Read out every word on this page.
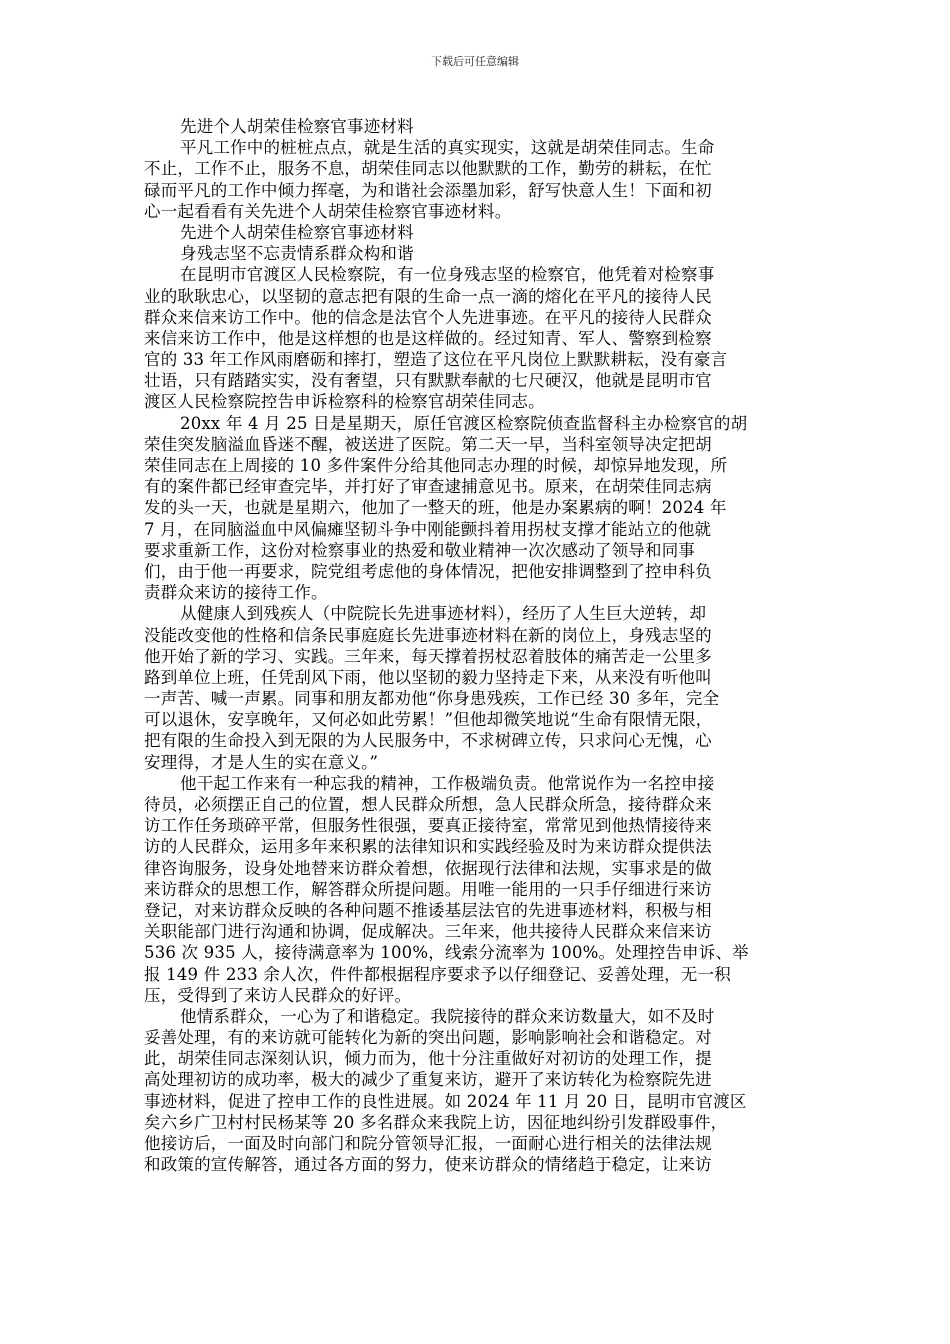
下载后可任意编辑
先进个人胡荣佳检察官事迹材料
平凡工作中的桩桩点点，就是生活的真实现实，这就是胡荣佳同志。生命
不止，工作不止，服务不息，胡荣佳同志以他默默的工作，勤劳的耕耘，在忙
碌而平凡的工作中倾力挥毫，为和谐社会添墨加彩，舒写快意人生！下面和初
心一起看看有关先进个人胡荣佳检察官事迹材料。
先进个人胡荣佳检察官事迹材料
身残志坚不忘责情系群众构和谐
在昆明市官渡区人民检察院，有一位身残志坚的检察官，他凭着对检察事
业的耿耿忠心，以坚韧的意志把有限的生命一点一滴的熔化在平凡的接待人民
群众来信来访工作中。他的信念是法官个人先进事迹。在平凡的接待人民群众
来信来访工作中，他是这样想的也是这样做的。经过知青、军人、警察到检察
官的 33 年工作风雨磨砺和摔打，塑造了这位在平凡岗位上默默耕耘，没有豪言
壮语，只有踏踏实实，没有奢望，只有默默奉献的七尺硬汉，他就是昆明市官
渡区人民检察院控告申诉检察科的检察官胡荣佳同志。
20xx 年 4 月 25 日是星期天，原任官渡区检察院侦查监督科主办检察官的胡
荣佳突发脑溢血昏迷不醒，被送进了医院。第二天一早，当科室领导决定把胡
荣佳同志在上周接的 10 多件案件分给其他同志办理的时候，却惊异地发现，所
有的案件都已经审查完毕，并打好了审查逮捕意见书。原来，在胡荣佳同志病
发的头一天，也就是星期六，他加了一整天的班，他是办案累病的啊！2024 年
7 月，在同脑溢血中风偏瘫坚韧斗争中刚能颤抖着用拐杖支撑才能站立的他就
要求重新工作，这份对检察事业的热爱和敬业精神一次次感动了领导和同事
们，由于他一再要求，院党组考虑他的身体情况，把他安排调整到了控申科负
责群众来访的接待工作。
从健康人到残疾人（中院院长先进事迹材料），经历了人生巨大逆转，却
没能改变他的性格和信条民事庭庭长先进事迹材料在新的岗位上，身残志坚的
他开始了新的学习、实践。三年来，每天撑着拐杖忍着肢体的痛苦走一公里多
路到单位上班，任凭刮风下雨，他以坚韧的毅力坚持走下来，从来没有听他叫
一声苦、喊一声累。同事和朋友都劝他“你身患残疾，工作已经 30 多年，完全
可以退休，安享晚年，又何必如此劳累！”但他却微笑地说“生命有限情无限，
把有限的生命投入到无限的为人民服务中，不求树碑立传，只求问心无愧，心
安理得，才是人生的实在意义。”
他干起工作来有一种忘我的精神，工作极端负责。他常说作为一名控申接
待员，必须摆正自己的位置，想人民群众所想，急人民群众所急，接待群众来
访工作任务琐碎平常，但服务性很强，要真正接待室，常常见到他热情接待来
访的人民群众，运用多年来积累的法律知识和实践经验及时为来访群众提供法
律咨询服务，设身处地替来访群众着想，依据现行法律和法规，实事求是的做
来访群众的思想工作，解答群众所提问题。用唯一能用的一只手仔细进行来访
登记，对来访群众反映的各种问题不推诿基层法官的先进事迹材料，积极与相
关职能部门进行沟通和协调，促成解决。三年来，他共接待人民群众来信来访
536 次 935 人，接待满意率为 100%，线索分流率为 100%。处理控告申诉、举
报 149 件 233 余人次，件件都根据程序要求予以仔细登记、妥善处理，无一积
压，受得到了来访人民群众的好评。
他情系群众，一心为了和谐稳定。我院接待的群众来访数量大，如不及时
妥善处理，有的来访就可能转化为新的突出问题，影响影响社会和谐稳定。对
此，胡荣佳同志深刻认识，倾力而为，他十分注重做好对初访的处理工作，提
高处理初访的成功率，极大的减少了重复来访，避开了来访转化为检察院先进
事迹材料，促进了控申工作的良性进展。如 2024 年 11 月 20 日，昆明市官渡区
矣六乡广卫村村民杨某等 20 多名群众来我院上访，因征地纠纷引发群殴事件，
他接访后，一面及时向部门和院分管领导汇报，一面耐心进行相关的法律法规
和政策的宣传解答，通过各方面的努力，使来访群众的情绪趋于稳定，让来访
